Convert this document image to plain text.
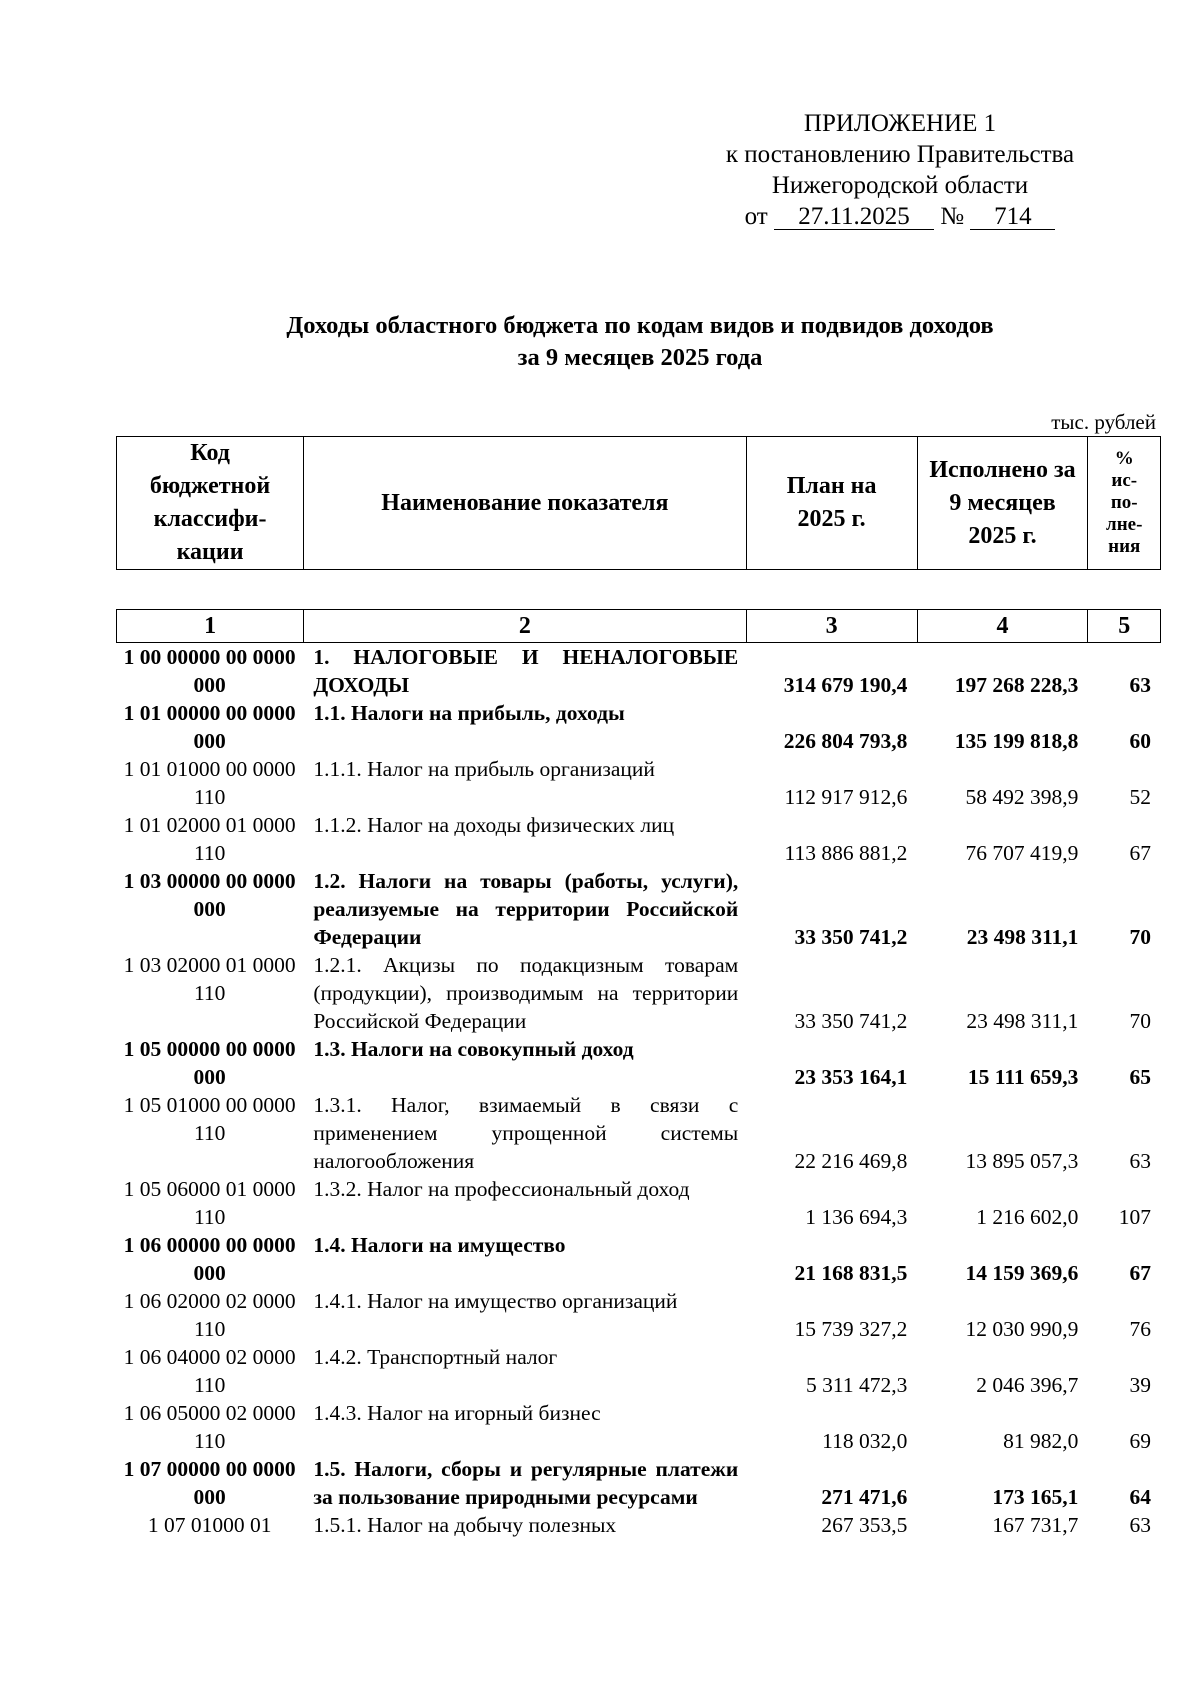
ПРИЛОЖЕНИЕ 1
к постановлению Правительства
Нижегородской области
от 27.11.2025 № 714
Доходы областного бюджета по кодам видов и подвидов доходов
за 9 месяцев 2025 года
тыс. рублей
Код бюджетной классифи-кации	Наименование показателя	План на 2025 г.	Исполнено за 9 месяцев 2025 г.	% ис-по-лне-ния
1	2	3	4	5
1 00 00000 00 0000 000	1. НАЛОГОВЫЕ И НЕНАЛОГОВЫЕ ДОХОДЫ	314 679 190,4	197 268 228,3	63
1 01 00000 00 0000 000	1.1. Налоги на прибыль, доходы	226 804 793,8	135 199 818,8	60
1 01 01000 00 0000 110	1.1.1. Налог на прибыль организаций	112 917 912,6	58 492 398,9	52
1 01 02000 01 0000 110	1.1.2. Налог на доходы физических лиц	113 886 881,2	76 707 419,9	67
1 03 00000 00 0000 000	1.2. Налоги на товары (работы, услуги), реализуемые на территории Российской Федерации	33 350 741,2	23 498 311,1	70
1 03 02000 01 0000 110	1.2.1. Акцизы по подакцизным товарам (продукции), производимым на территории Российской Федерации	33 350 741,2	23 498 311,1	70
1 05 00000 00 0000 000	1.3. Налоги на совокупный доход	23 353 164,1	15 111 659,3	65
1 05 01000 00 0000 110	1.3.1. Налог, взимаемый в связи с применением упрощенной системы налогообложения	22 216 469,8	13 895 057,3	63
1 05 06000 01 0000 110	1.3.2. Налог на профессиональный доход	1 136 694,3	1 216 602,0	107
1 06 00000 00 0000 000	1.4. Налоги на имущество	21 168 831,5	14 159 369,6	67
1 06 02000 02 0000 110	1.4.1. Налог на имущество организаций	15 739 327,2	12 030 990,9	76
1 06 04000 02 0000 110	1.4.2. Транспортный налог	5 311 472,3	2 046 396,7	39
1 06 05000 02 0000 110	1.4.3. Налог на игорный бизнес	118 032,0	81 982,0	69
1 07 00000 00 0000 000	1.5. Налоги, сборы и регулярные платежи за пользование природными ресурсами	271 471,6	173 165,1	64
1 07 01000 01	1.5.1. Налог на добычу полезных	267 353,5	167 731,7	63
